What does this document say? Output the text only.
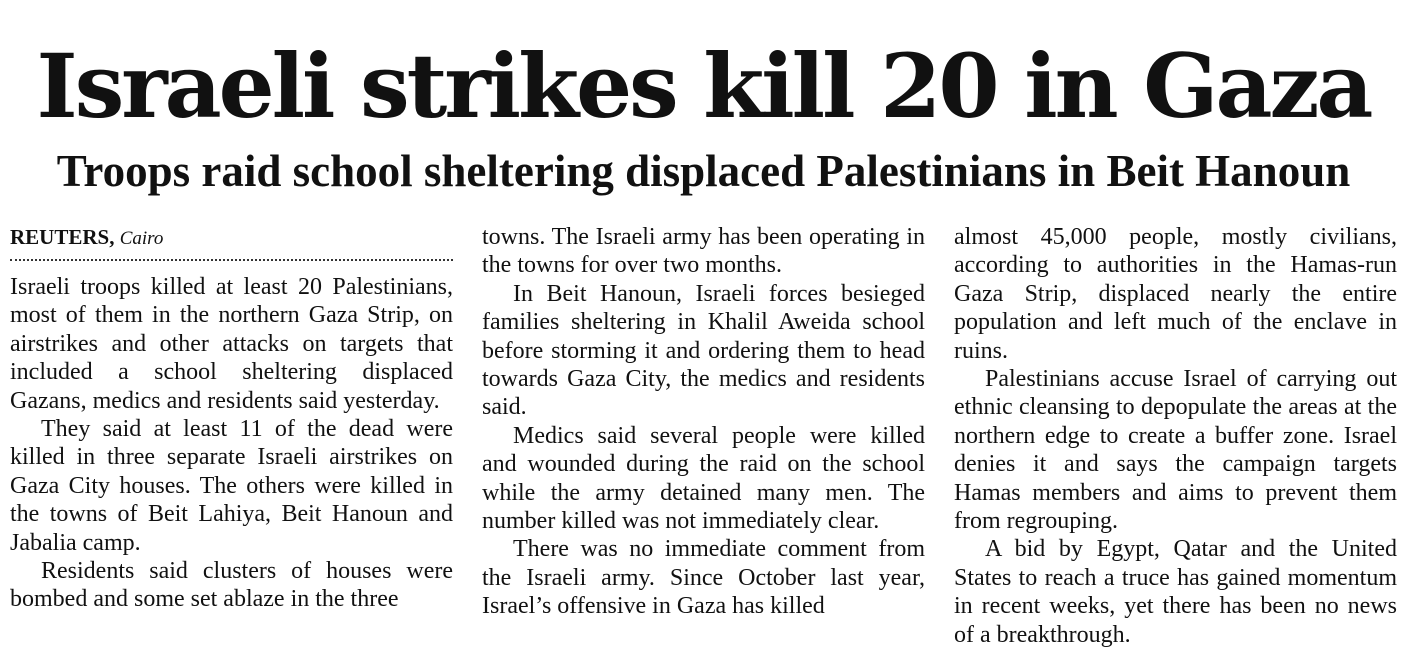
Israeli strikes kill 20 in Gaza
Troops raid school sheltering displaced Palestinians in Beit Hanoun
REUTERS, Cairo

Israeli troops killed at least 20 Palestinians, most of them in the northern Gaza Strip, on airstrikes and other attacks on targets that included a school sheltering displaced Gazans, medics and residents said yesterday.

They said at least 11 of the dead were killed in three separate Israeli airstrikes on Gaza City houses. The others were killed in the towns of Beit Lahiya, Beit Hanoun and Jabalia camp.

Residents said clusters of houses were bombed and some set ablaze in the three

towns. The Israeli army has been operating in the towns for over two months.

In Beit Hanoun, Israeli forces besieged families sheltering in Khalil Aweida school before storming it and ordering them to head towards Gaza City, the medics and residents said.

Medics said several people were killed and wounded during the raid on the school while the army detained many men. The number killed was not immediately clear.

There was no immediate comment from the Israeli army. Since October last year, Israel’s offensive in Gaza has killed

almost 45,000 people, mostly civilians, according to authorities in the Hamas-run Gaza Strip, displaced nearly the entire population and left much of the enclave in ruins.

Palestinians accuse Israel of carrying out ethnic cleansing to depopulate the areas at the northern edge to create a buffer zone. Israel denies it and says the campaign targets Hamas members and aims to prevent them from regrouping.

A bid by Egypt, Qatar and the United States to reach a truce has gained momentum in recent weeks, yet there has been no news of a breakthrough.
